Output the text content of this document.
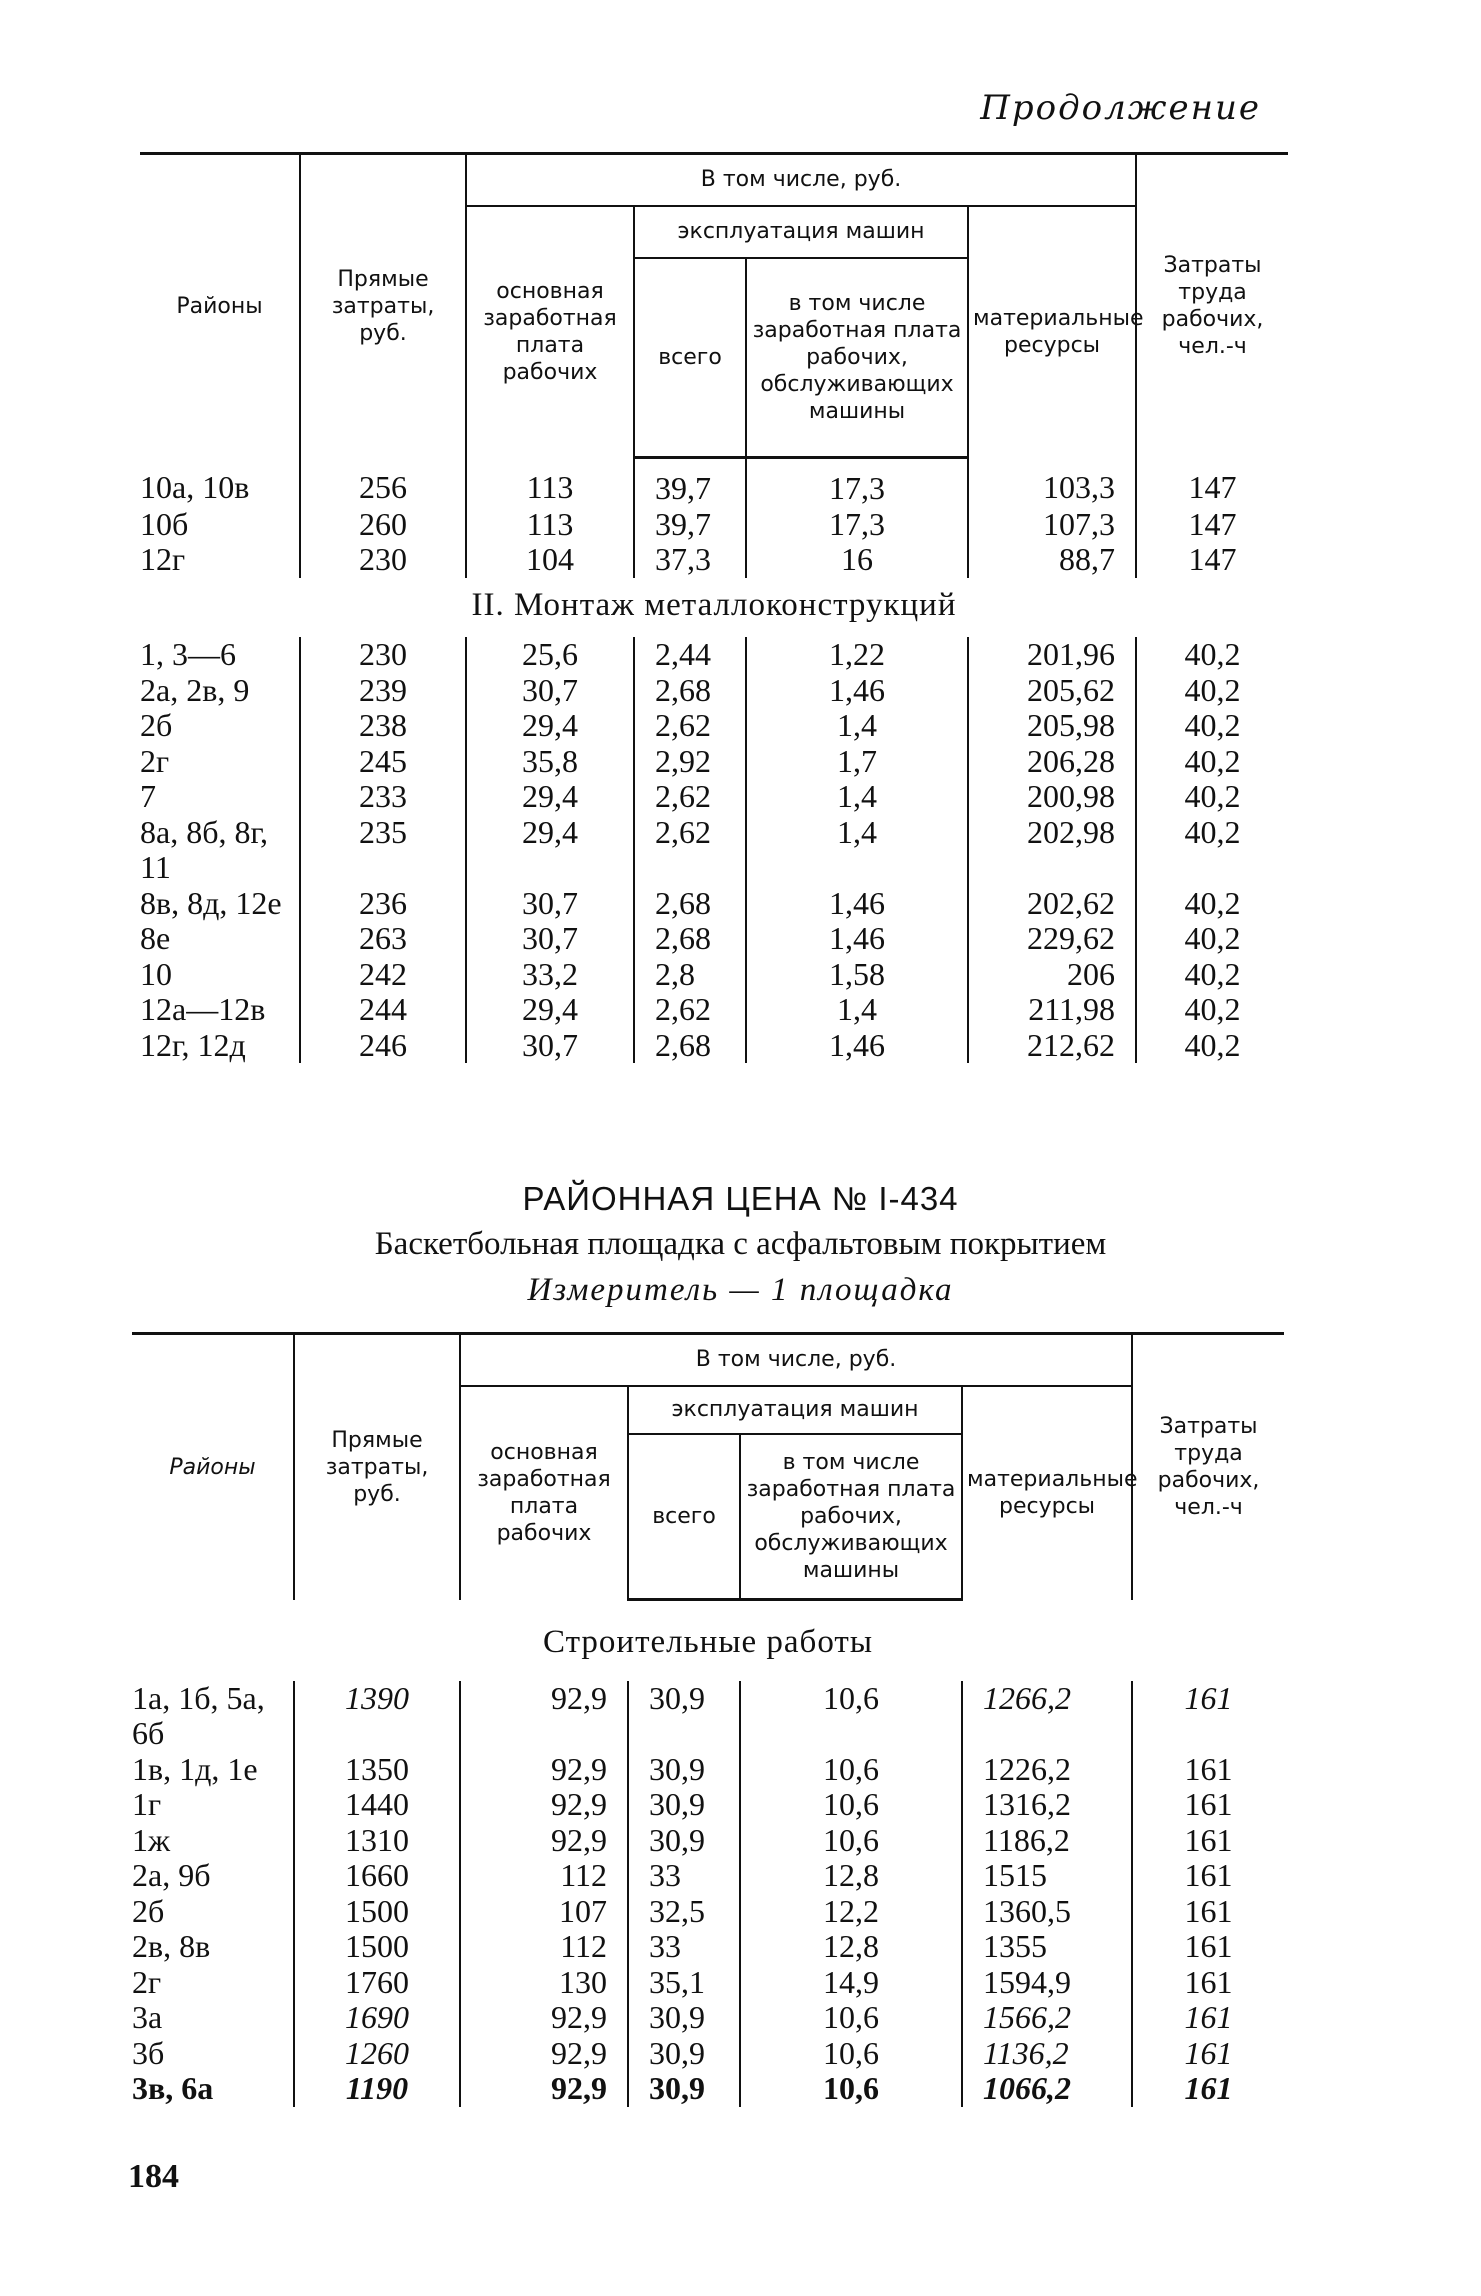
Продолжение
Районы	Прямые затраты, руб.	В том числе, руб.				Затраты труда рабочих, чел.-ч
		основная заработная плата рабочих	эксплуатация машин		материальные ресурсы	
			всего	в том числе заработная плата рабочих, обслуживающих машины		
10а, 10в	256	113	39,7	17,3	103,3	147
10б	260	113	39,7	17,3	107,3	147
12г	230	104	37,3	16	88,7	147
II. Монтаж металлоконструкций						
1, 3—6	230	25,6	2,44	1,22	201,96	40,2
2а, 2в, 9	239	30,7	2,68	1,46	205,62	40,2
2б	238	29,4	2,62	1,4	205,98	40,2
2г	245	35,8	2,92	1,7	206,28	40,2
7	233	29,4	2,62	1,4	200,98	40,2
8а, 8б, 8г, 11	235	29,4	2,62	1,4	202,98	40,2
8в, 8д, 12е	236	30,7	2,68	1,46	202,62	40,2
8е	263	30,7	2,68	1,46	229,62	40,2
10	242	33,2	2,8	1,58	206	40,2
12а—12в	244	29,4	2,62	1,4	211,98	40,2
12г, 12д	246	30,7	2,68	1,46	212,62	40,2
РАЙОННАЯ ЦЕНА № I-434
Баскетбольная площадка с асфальтовым покрытием
Измеритель — 1 площадка
Районы	Прямые затраты, руб.	В том числе, руб.				Затраты труда рабочих, чел.-ч
		основная заработная плата рабочих	эксплуатация машин		материальные ресурсы	
			всего	в том числе заработная плата рабочих, обслуживающих машины		
Строительные работы						
1а, 1б, 5а, 6б	1390	92,9	30,9	10,6	1266,2	161
1в, 1д, 1е	1350	92,9	30,9	10,6	1226,2	161
1г	1440	92,9	30,9	10,6	1316,2	161
1ж	1310	92,9	30,9	10,6	1186,2	161
2а, 9б	1660	112	33	12,8	1515	161
2б	1500	107	32,5	12,2	1360,5	161
2в, 8в	1500	112	33	12,8	1355	161
2г	1760	130	35,1	14,9	1594,9	161
3а	1690	92,9	30,9	10,6	1566,2	161
3б	1260	92,9	30,9	10,6	1136,2	161
3в, 6а	1190	92,9	30,9	10,6	1066,2	161
184
